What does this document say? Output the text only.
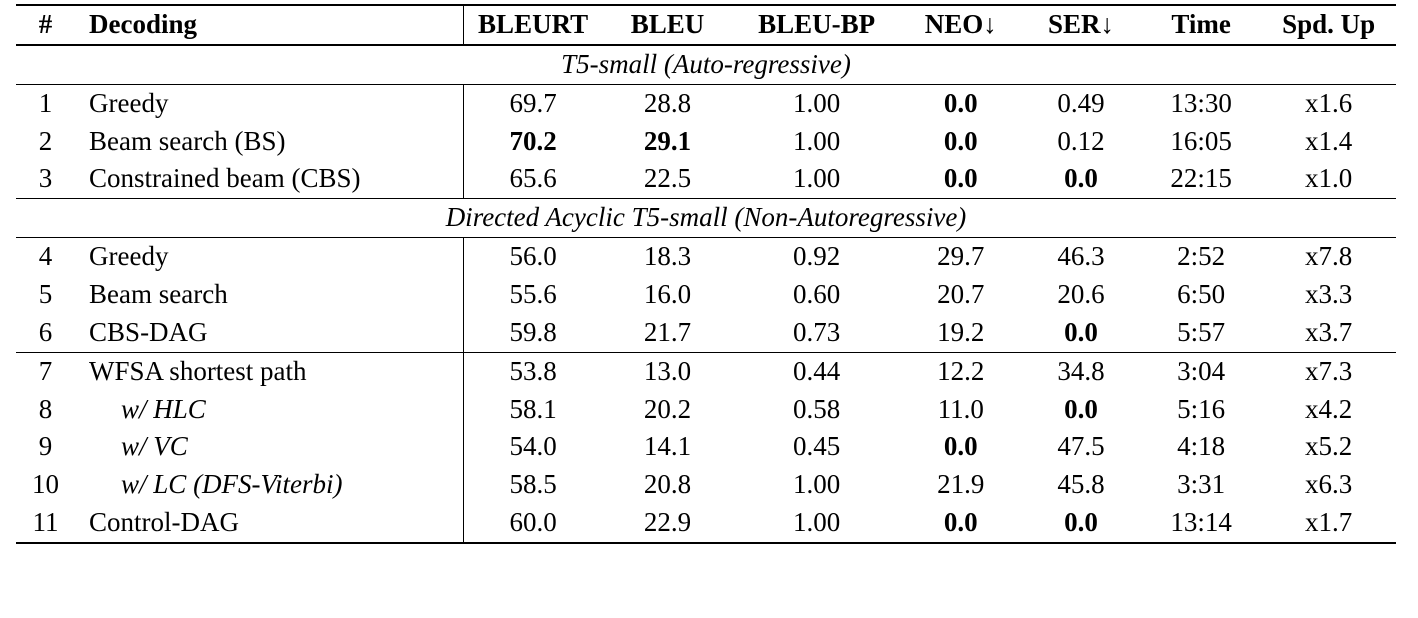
#	Decoding	BLEURT	BLEU	BLEU-BP	NEO↓	SER↓	Time	Spd. Up
T5-small (Auto-regressive)								
1	Greedy	69.7	28.8	1.00	0.0	0.49	13:30	x1.6
2	Beam search (BS)	70.2	29.1	1.00	0.0	0.12	16:05	x1.4
3	Constrained beam (CBS)	65.6	22.5	1.00	0.0	0.0	22:15	x1.0
Directed Acyclic T5-small (Non-Autoregressive)								
4	Greedy	56.0	18.3	0.92	29.7	46.3	2:52	x7.8
5	Beam search	55.6	16.0	0.60	20.7	20.6	6:50	x3.3
6	CBS-DAG	59.8	21.7	0.73	19.2	0.0	5:57	x3.7
7	WFSA shortest path	53.8	13.0	0.44	12.2	34.8	3:04	x7.3
8	w/ HLC	58.1	20.2	0.58	11.0	0.0	5:16	x4.2
9	w/ VC	54.0	14.1	0.45	0.0	47.5	4:18	x5.2
10	w/ LC (DFS-Viterbi)	58.5	20.8	1.00	21.9	45.8	3:31	x6.3
11	Control-DAG	60.0	22.9	1.00	0.0	0.0	13:14	x1.7
